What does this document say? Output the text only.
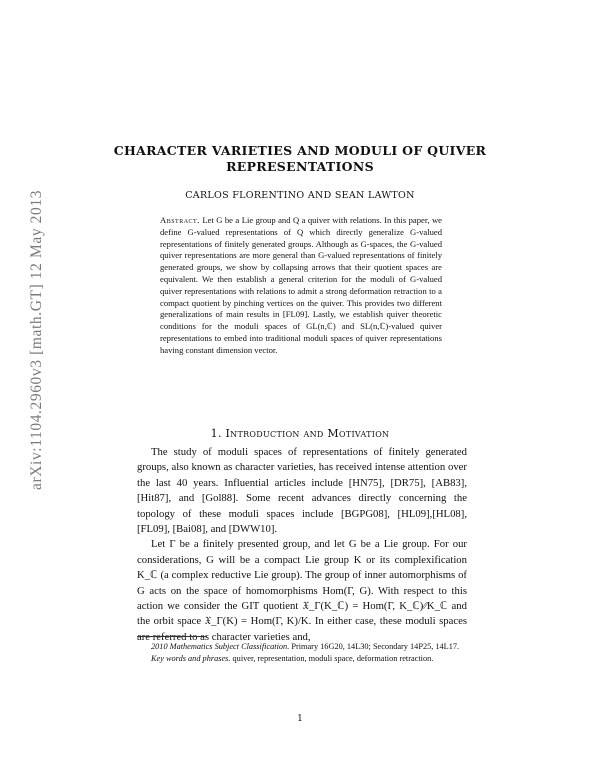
arXiv:1104.2960v3 [math.GT] 12 May 2013
CHARACTER VARIETIES AND MODULI OF QUIVER
REPRESENTATIONS
CARLOS FLORENTINO AND SEAN LAWTON

Abstract. Let G be a Lie group and Q a quiver with relations. In this paper, we define G-valued representations of Q which directly generalize G-valued representations of finitely generated groups. Although as G-spaces, the G-valued quiver representations are more general than G-valued representations of finitely generated groups, we show by collapsing arrows that their quotient spaces are equivalent. We then establish a general criterion for the moduli of G-valued quiver representations with relations to admit a strong deformation retraction to a compact quotient by pinching vertices on the quiver. This provides two different generalizations of main results in [FL09]. Lastly, we establish quiver theoretic conditions for the moduli spaces of GL(n,ℂ) and SL(n,ℂ)-valued quiver representations to embed into traditional moduli spaces of quiver representations having constant dimension vector.

1. Introduction and Motivation

The study of moduli spaces of representations of finitely generated groups, also known as character varieties, has received intense attention over the last 40 years. Influential articles include [HN75], [DR75], [AB83], [Hit87], and [Gol88]. Some recent advances directly concerning the topology of these moduli spaces include [BGPG08], [HL09],[HL08], [FL09], [Bai08], and [DWW10].

Let Γ be a finitely presented group, and let G be a Lie group. For our considerations, G will be a compact Lie group K or its complexification K_ℂ (a complex reductive Lie group). The group of inner automorphisms of G acts on the space of homomorphisms Hom(Γ, G). With respect to this action we consider the GIT quotient 𝔛_Γ(K_ℂ) = Hom(Γ, K_ℂ)∕∕K_ℂ and the orbit space 𝔛_Γ(K) = Hom(Γ, K)/K. In either case, these moduli spaces are referred to as character varieties and,

2010 Mathematics Subject Classification. Primary 16G20, 14L30; Secondary 14P25, 14L17.

Key words and phrases. quiver, representation, moduli space, deformation retraction.

1
